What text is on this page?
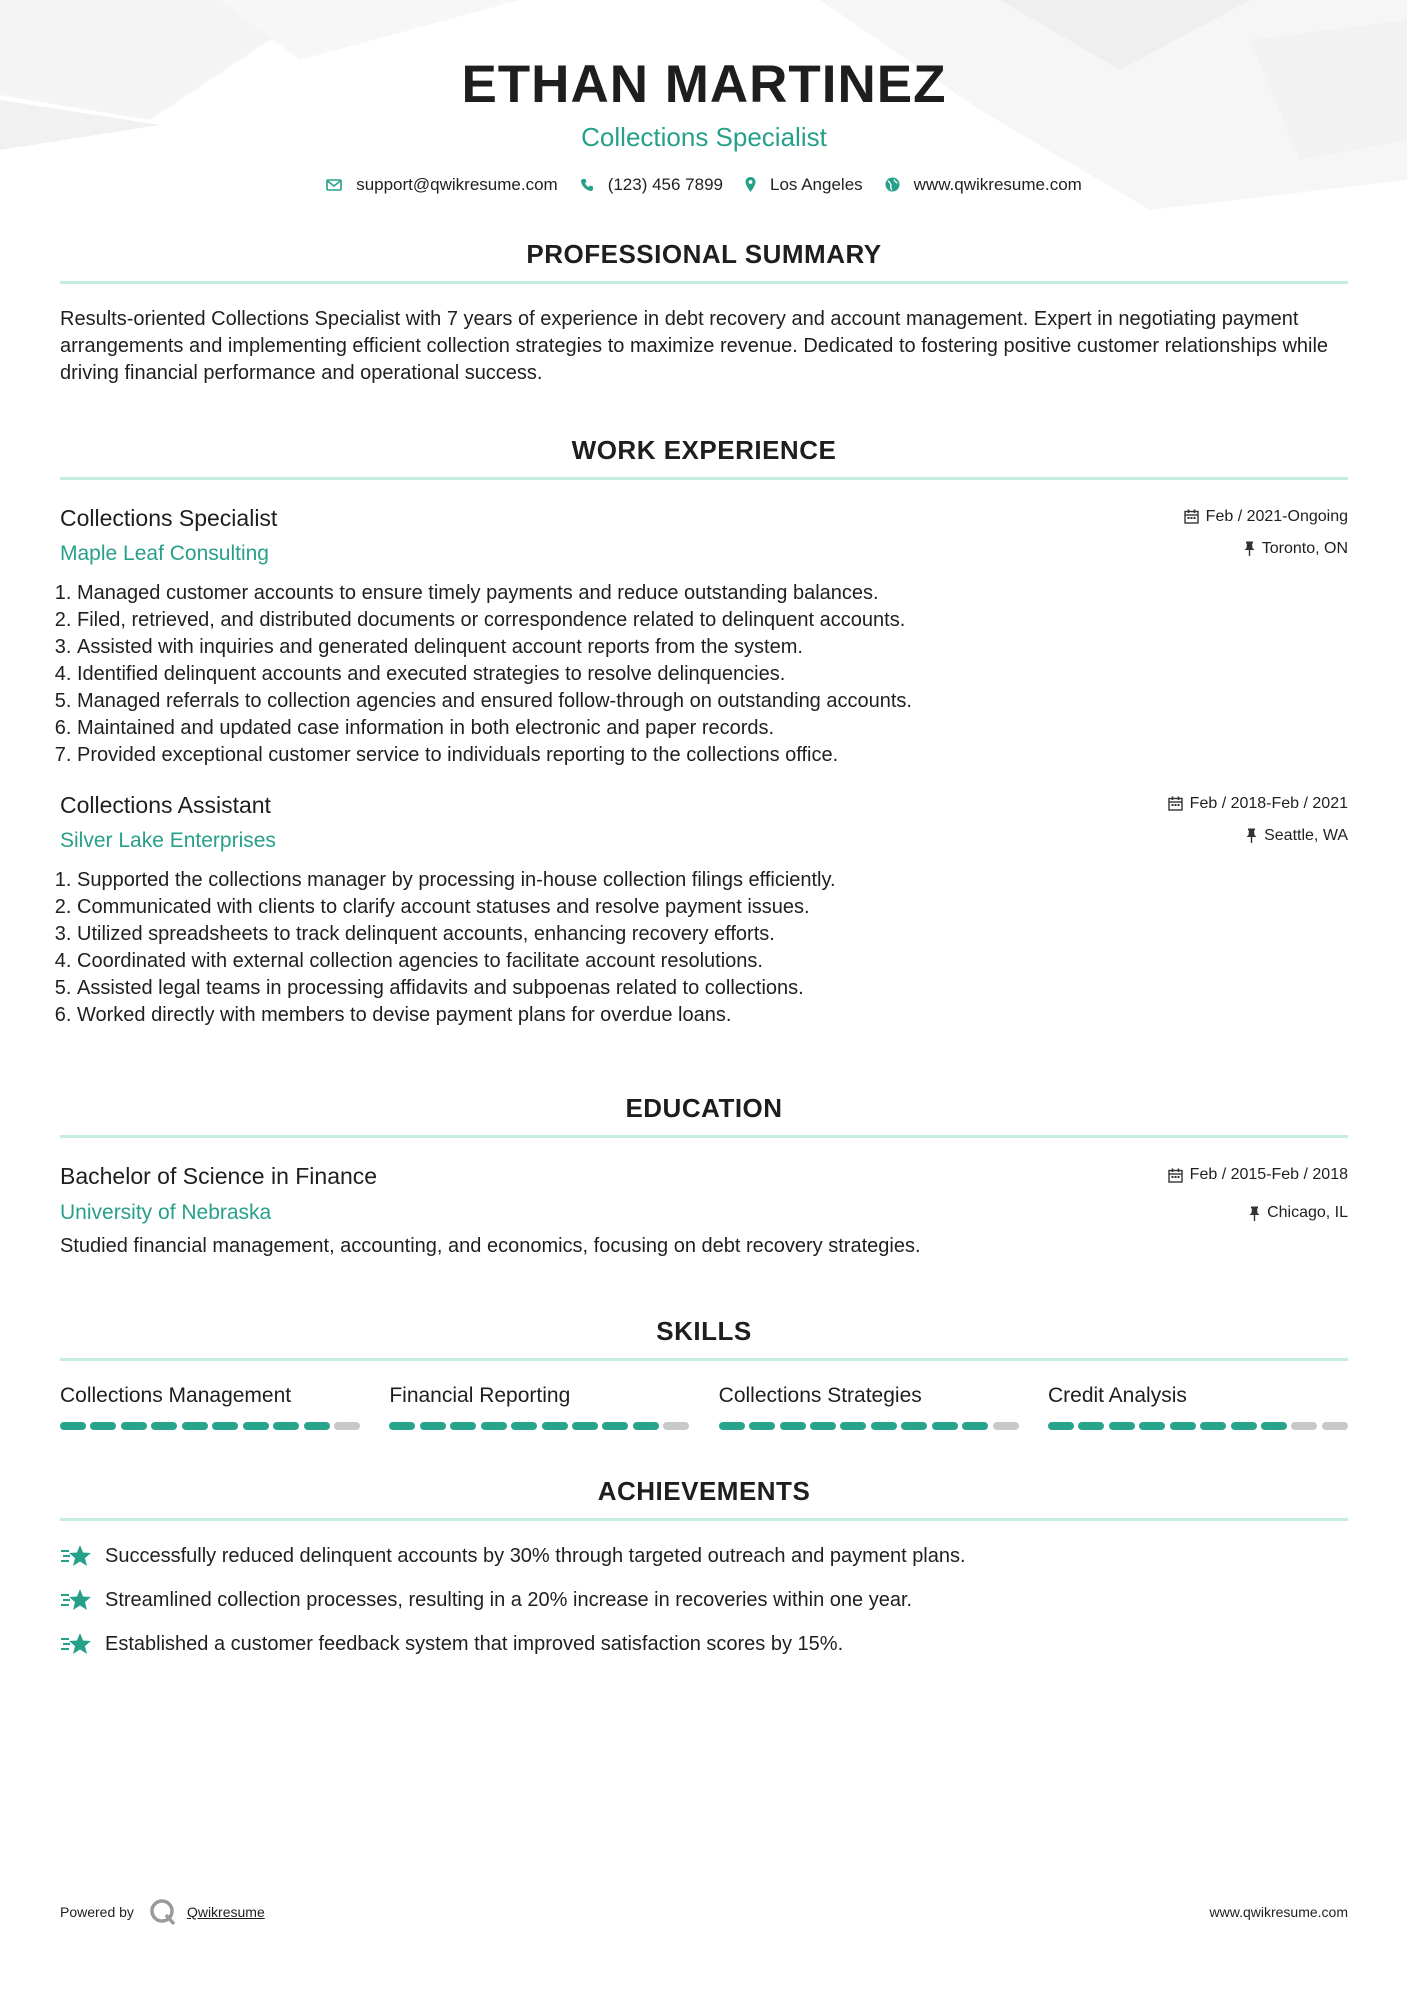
ETHAN MARTINEZ
Collections Specialist
support@qwikresume.com	(123) 456 7899	Los Angeles	www.qwikresume.com
PROFESSIONAL SUMMARY

Results-oriented Collections Specialist with 7 years of experience in debt recovery and account management. Expert in negotiating payment arrangements and implementing efficient collection strategies to maximize revenue. Dedicated to fostering positive customer relationships while driving financial performance and operational success.

WORK EXPERIENCE
Collections Specialist
Maple Leaf Consulting
Feb / 2021-Ongoing
Toronto, ON
1. Managed customer accounts to ensure timely payments and reduce outstanding balances.
2. Filed, retrieved, and distributed documents or correspondence related to delinquent accounts.
3. Assisted with inquiries and generated delinquent account reports from the system.
4. Identified delinquent accounts and executed strategies to resolve delinquencies.
5. Managed referrals to collection agencies and ensured follow-through on outstanding accounts.
6. Maintained and updated case information in both electronic and paper records.
7. Provided exceptional customer service to individuals reporting to the collections office.
Collections Assistant
Silver Lake Enterprises
Feb / 2018-Feb / 2021
Seattle, WA
1. Supported the collections manager by processing in-house collection filings efficiently.
2. Communicated with clients to clarify account statuses and resolve payment issues.
3. Utilized spreadsheets to track delinquent accounts, enhancing recovery efforts.
4. Coordinated with external collection agencies to facilitate account resolutions.
5. Assisted legal teams in processing affidavits and subpoenas related to collections.
6. Worked directly with members to devise payment plans for overdue loans.
EDUCATION
Bachelor of Science in Finance
University of Nebraska
Feb / 2015-Feb / 2018
Chicago, IL
Studied financial management, accounting, and economics, focusing on debt recovery strategies.
SKILLS
Collections Management	Financial Reporting	Collections Strategies	Credit Analysis
ACHIEVEMENTS
Successfully reduced delinquent accounts by 30% through targeted outreach and payment plans.
Streamlined collection processes, resulting in a 20% increase in recoveries within one year.
Established a customer feedback system that improved satisfaction scores by 15%.
Powered by	Qwikresume	www.qwikresume.com
